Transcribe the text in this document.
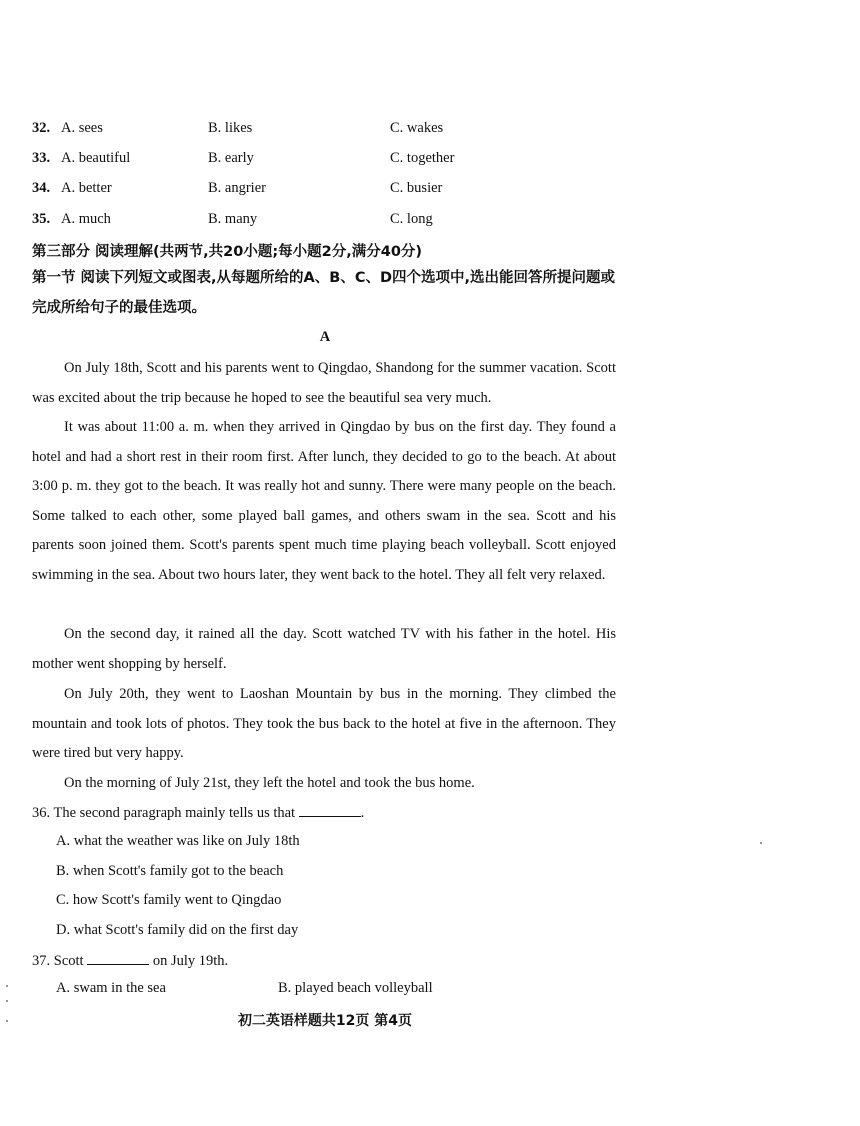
32. A. sees	B. likes	C. wakes
33. A. beautiful	B. early	C. together
34. A. better	B. angrier	C. busier
35. A. much	B. many	C. long
第三部分 阅读理解(共两节,共20小题;每小题2分,满分40分)
第一节 阅读下列短文或图表,从每题所给的A、B、C、D四个选项中,选出能回答所提问题或完成所给句子的最佳选项。
A
On July 18th, Scott and his parents went to Qingdao, Shandong for the summer vacation. Scott was excited about the trip because he hoped to see the beautiful sea very much.
It was about 11:00 a. m. when they arrived in Qingdao by bus on the first day. They found a hotel and had a short rest in their room first. After lunch, they decided to go to the beach. At about 3:00 p. m. they got to the beach. It was really hot and sunny. There were many people on the beach. Some talked to each other, some played ball games, and others swam in the sea. Scott and his parents soon joined them. Scott's parents spent much time playing beach volleyball. Scott enjoyed swimming in the sea. About two hours later, they went back to the hotel. They all felt very relaxed.
On the second day, it rained all the day. Scott watched TV with his father in the hotel. His mother went shopping by herself.
On July 20th, they went to Laoshan Mountain by bus in the morning. They climbed the mountain and took lots of photos. They took the bus back to the hotel at five in the afternoon. They were tired but very happy.
On the morning of July 21st, they left the hotel and took the bus home.
36. The second paragraph mainly tells us that	.
A. what the weather was like on July 18th
B. when Scott's family got to the beach
C. how Scott's family went to Qingdao
D. what Scott's family did on the first day
37. Scott	on July 19th.
A. swam in the sea	B. played beach volleyball
初二英语样题共12页 第4页
